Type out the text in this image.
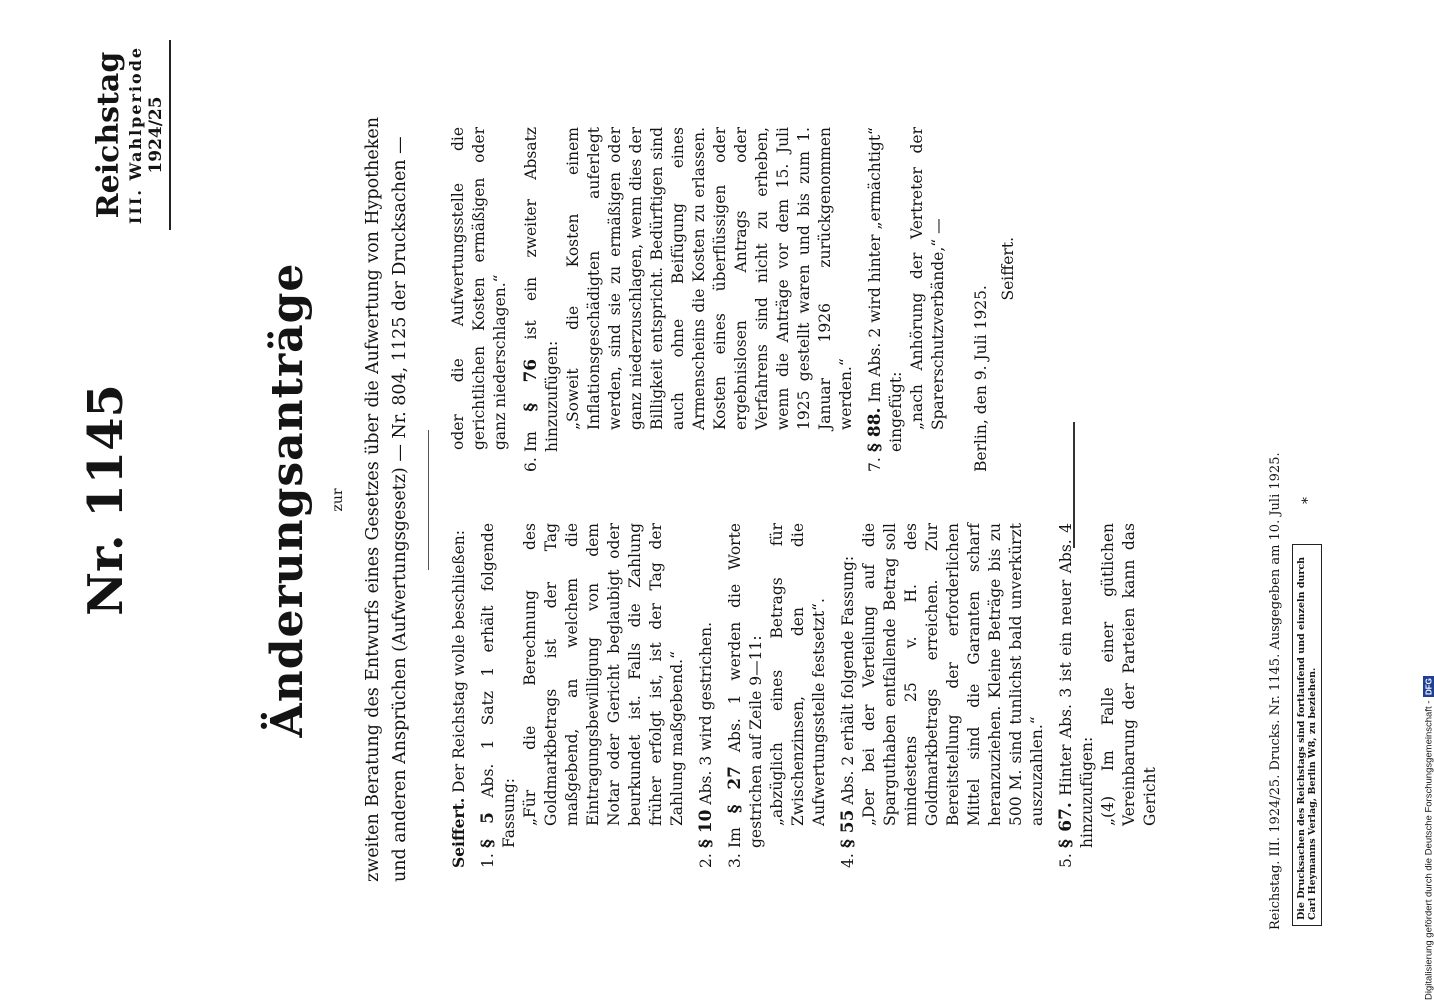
Reichstag III. Wahlperiode 1924/25
Nr. 1145	Änderungsanträge zur zweiten Beratung des Entwurfs eines Gesetzes über die Aufwertung von Hypotheken und anderen Ansprüchen (Aufwertungsgesetz) — Nr. 804, 1125 der Drucksachen —	Seiffert. Der Reichstag wolle beschließen:

1.

§ 5 Abs. 1 Satz 1 erhält folgende Fassung: „Für die Berechnung des Goldmarkbetrags ist der Tag maßgebend, an welchem die Eintragungsbewilligung von dem Notar oder Gericht beglaubigt oder beurkundet ist. Falls die Zahlung früher erfolgt ist, ist der Tag der Zahlung maßgebend.“

2.

§ 10 Abs. 3 wird gestrichen.

3.

Im § 27 Abs. 1 werden die Worte gestrichen auf Zeile 9—11: „abzüglich eines Betrags für Zwischenzinsen, den die Aufwertungsstelle festsetzt“.

4.

§ 55 Abs. 2 erhält folgende Fassung: „Der bei der Verteilung auf die Sparguthaben entfallende Betrag soll mindestens 25 v. H. des Goldmarkbetrags erreichen. Zur Bereitstellung der erforderlichen Mittel sind die Garanten scharf heranzuziehen. Kleine Beträge bis zu 500 M. sind tunlichst bald unverkürzt auszuzahlen.“

5.

§ 67. Hinter Abs. 3 ist ein neuer Abs. 4 hinzuzufügen: „(4) Im Falle einer gütlichen Vereinbarung der Parteien kann das Gericht

oder die Aufwertungsstelle die gerichtlichen Kosten ermäßigen oder ganz niederschlagen.“

6.

Im § 76 ist ein zweiter Absatz hinzuzufügen: „Soweit die Kosten einem Inflationsgeschädigten auferlegt werden, sind sie zu ermäßigen oder ganz niederzuschlagen, wenn dies der Billigkeit entspricht. Bedürftigen sind auch ohne Beifügung eines Armenscheins die Kosten zu erlassen. Kosten eines überflüssigen oder ergebnislosen Antrags oder Verfahrens sind nicht zu erheben, wenn die Anträge vor dem 15. Juli 1925 gestellt waren und bis zum 1. Januar 1926 zurückgenommen werden.“

7.

§ 88. Im Abs. 2 wird hinter „ermächtigt“ eingefügt: „nach Anhörung der Vertreter der Sparerschutzverbände,“ — Berlin, den 9. Juli 1925.

Seiffert.

Reichstag. III. 1924/25. Drucks. Nr. 1145. Ausgegeben am 10. Juli 1925.	Die Drucksachen des Reichstags sind fortlaufend und einzeln durch Carl Heymanns Verlag, Berlin W8, zu beziehen.
*
Digitalisierung gefördert durch die Deutsche Forschungsgemeinschaft -
DFG
